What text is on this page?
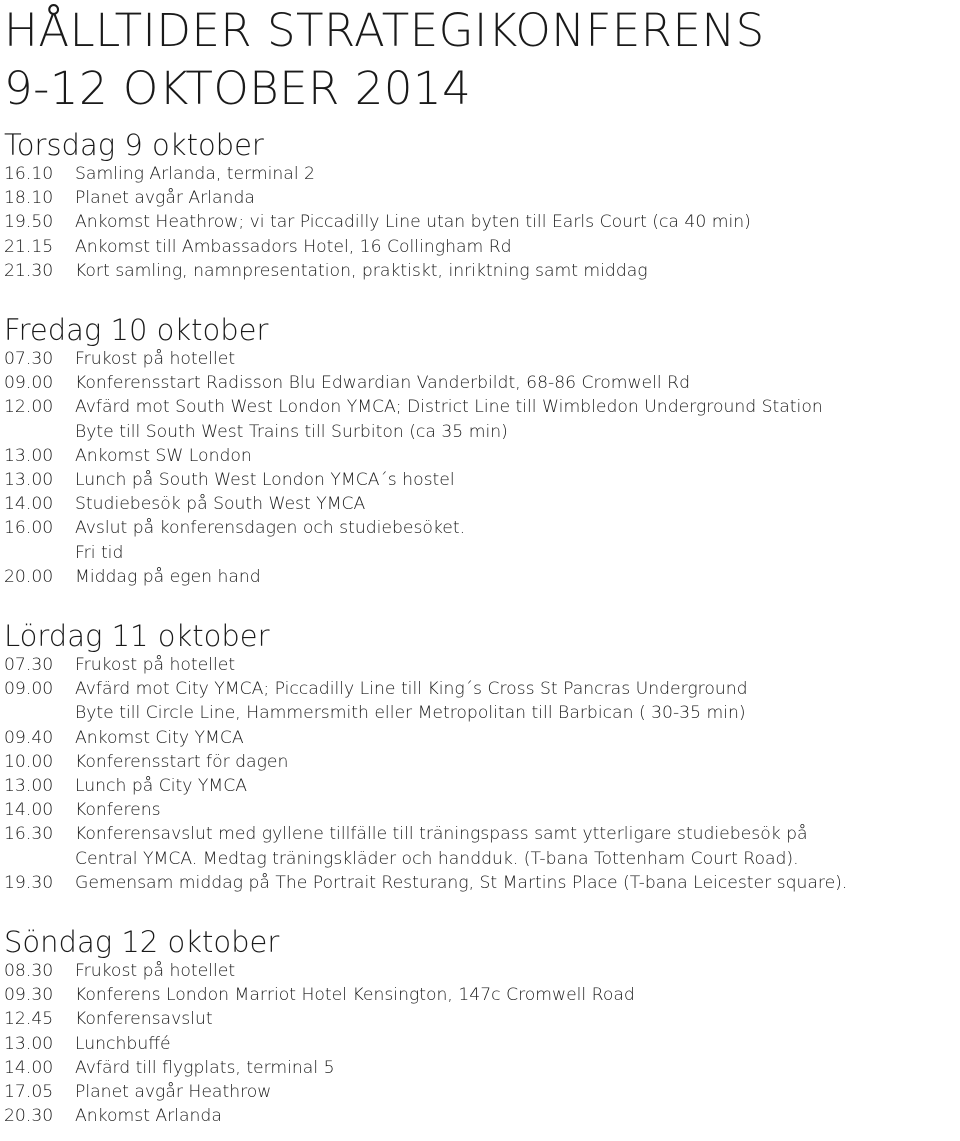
HÅLLTIDER STRATEGIKONFERENS
9-12 OKTOBER 2014
Torsdag 9 oktober
16.10	Samling Arlanda, terminal 2
18.10	Planet avgår Arlanda
19.50	Ankomst Heathrow; vi tar Piccadilly Line utan byten till Earls Court (ca 40 min)
21.15	Ankomst till Ambassadors Hotel, 16 Collingham Rd
21.30	Kort samling, namnpresentation, praktiskt, inriktning samt middag
Fredag 10 oktober
07.30	Frukost på hotellet
09.00	Konferensstart Radisson Blu Edwardian Vanderbildt, 68-86 Cromwell Rd
12.00	Avfärd mot South West London YMCA; District Line till Wimbledon Underground Station
Byte till South West Trains till Surbiton (ca 35 min)
13.00	Ankomst SW London
13.00	Lunch på South West London YMCA´s hostel
14.00	Studiebesök på South West YMCA
16.00	Avslut på konferensdagen och studiebesöket.
Fri tid
20.00	Middag på egen hand
Lördag 11 oktober
07.30	Frukost på hotellet
09.00	Avfärd mot City YMCA; Piccadilly Line till King´s Cross St Pancras Underground
Byte till Circle Line, Hammersmith eller Metropolitan till Barbican ( 30-35 min)
09.40	Ankomst City YMCA
10.00	Konferensstart för dagen
13.00	Lunch på City YMCA
14.00	Konferens
16.30	Konferensavslut med gyllene tillfälle till träningspass samt ytterligare studiebesök på
Central YMCA. Medtag träningskläder och handduk. (T-bana Tottenham Court Road).
19.30	Gemensam middag på The Portrait Resturang, St Martins Place (T-bana Leicester square).
Söndag 12 oktober
08.30	Frukost på hotellet
09.30	Konferens London Marriot Hotel Kensington, 147c Cromwell Road
12.45	Konferensavslut
13.00	Lunchbuffé
14.00	Avfärd till flygplats, terminal 5
17.05	Planet avgår Heathrow
20.30	Ankomst Arlanda
